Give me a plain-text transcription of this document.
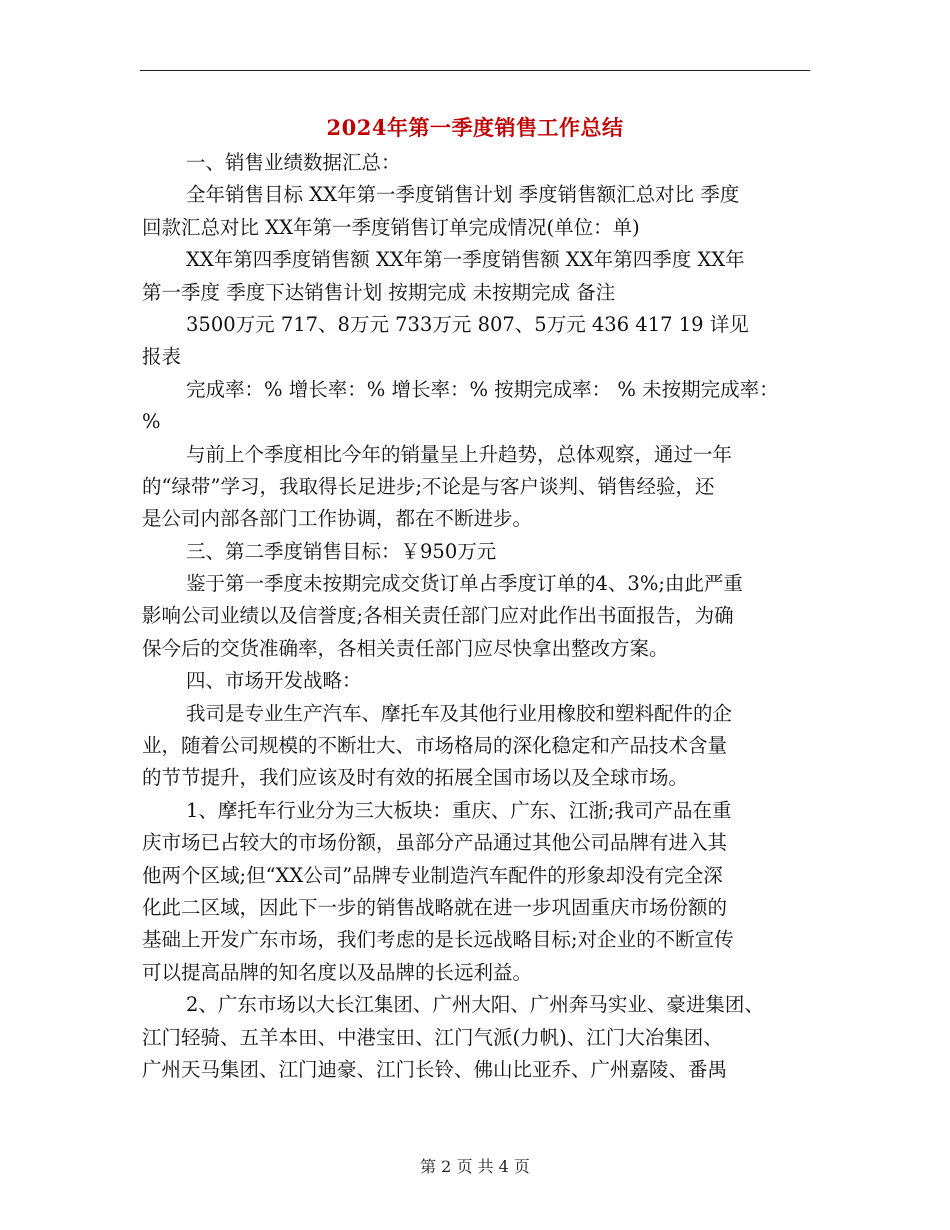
2024年第一季度销售工作总结
一、销售业绩数据汇总：
全年销售目标 XX年第一季度销售计划 季度销售额汇总对比 季度
回款汇总对比 XX年第一季度销售订单完成情况(单位：单)
XX年第四季度销售额 XX年第一季度销售额 XX年第四季度 XX年
第一季度 季度下达销售计划 按期完成 未按期完成 备注
3500万元 717、8万元 733万元 807、5万元 436 417 19 详见
报表
完成率：% 增长率：% 增长率：% 按期完成率： % 未按期完成率：
%
与前上个季度相比今年的销量呈上升趋势，总体观察，通过一年
的“绿带”学习，我取得长足进步;不论是与客户谈判、销售经验，还
是公司内部各部门工作协调，都在不断进步。
三、第二季度销售目标：￥950万元
鉴于第一季度未按期完成交货订单占季度订单的4、3%;由此严重
影响公司业绩以及信誉度;各相关责任部门应对此作出书面报告，为确
保今后的交货准确率，各相关责任部门应尽快拿出整改方案。
四、市场开发战略：
我司是专业生产汽车、摩托车及其他行业用橡胶和塑料配件的企
业，随着公司规模的不断壮大、市场格局的深化稳定和产品技术含量
的节节提升，我们应该及时有效的拓展全国市场以及全球市场。
1、摩托车行业分为三大板块：重庆、广东、江浙;我司产品在重
庆市场已占较大的市场份额，虽部分产品通过其他公司品牌有进入其
他两个区域;但“XX公司”品牌专业制造汽车配件的形象却没有完全深
化此二区域，因此下一步的销售战略就在进一步巩固重庆市场份额的
基础上开发广东市场，我们考虑的是长远战略目标;对企业的不断宣传
可以提高品牌的知名度以及品牌的长远利益。
2、广东市场以大长江集团、广州大阳、广州奔马实业、豪进集团、
江门轻骑、五羊本田、中港宝田、江门气派(力帆)、江门大冶集团、
广州天马集团、江门迪豪、江门长铃、佛山比亚乔、广州嘉陵、番禺
第 2 页 共 4 页
